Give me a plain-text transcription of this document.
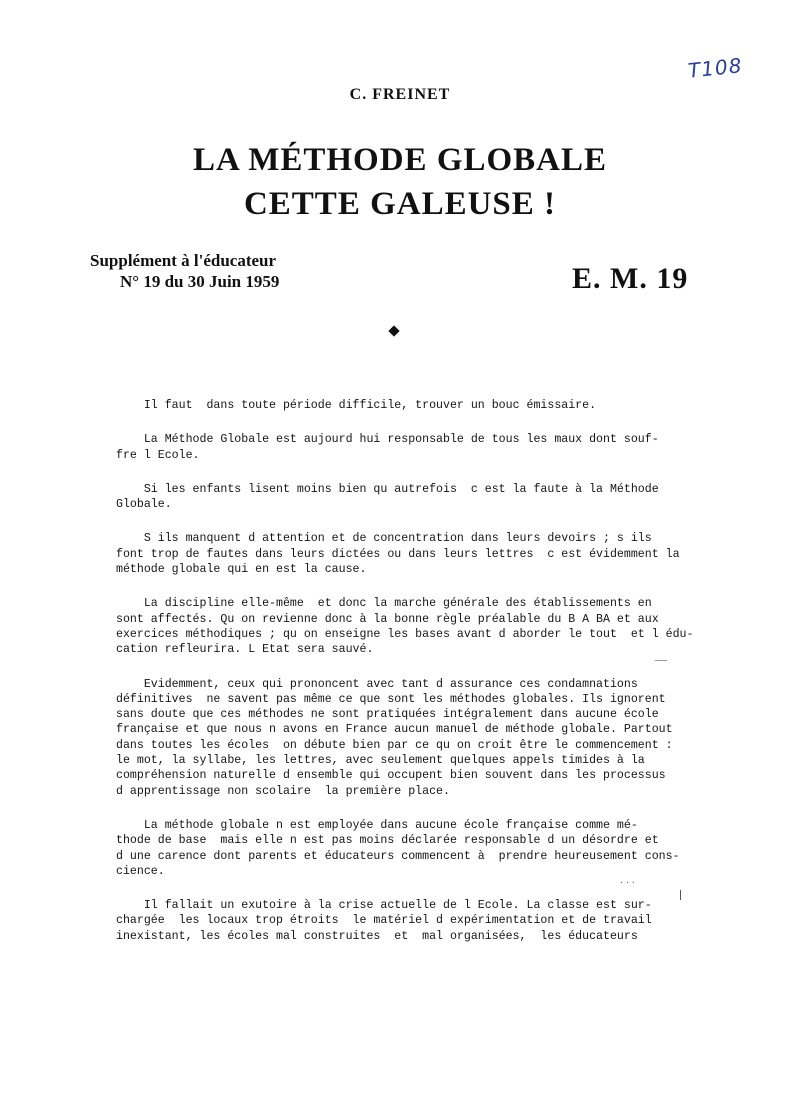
T108
C. FREINET
LA MÉTHODE GLOBALE
CETTE GALEUSE !
Supplément à l'éducateur
N° 19 du 30 Juin 1959	E. M. 19
Il faut  dans toute période difficile, trouver un bouc émissaire.
La Méthode Globale est aujourd hui responsable de tous les maux dont souf-
fre l Ecole.
Si les enfants lisent moins bien qu autrefois  c est la faute à la Méthode
Globale.
S ils manquent d attention et de concentration dans leurs devoirs ; s ils
font trop de fautes dans leurs dictées ou dans leurs lettres  c est évidemment la
méthode globale qui en est la cause.
La discipline elle-même  et donc la marche générale des établissements en
sont affectés. Qu on revienne donc à la bonne règle préalable du B A BA et aux
exercices méthodiques ; qu on enseigne les bases avant d aborder le tout  et l édu-
cation refleurira. L Etat sera sauvé.
Evidemment, ceux qui prononcent avec tant d assurance ces condamnations
définitives  ne savent pas même ce que sont les méthodes globales. Ils ignorent
sans doute que ces méthodes ne sont pratiquées intégralement dans aucune école
française et que nous n avons en France aucun manuel de méthode globale. Partout
dans toutes les écoles  on débute bien par ce qu on croit être le commencement :
le mot, la syllabe, les lettres, avec seulement quelques appels timides à la
compréhension naturelle d ensemble qui occupent bien souvent dans les processus
d apprentissage non scolaire  la première place.
La méthode globale n est employée dans aucune école française comme mé-
thode de base  mais elle n est pas moins déclarée responsable d un désordre et
d une carence dont parents et éducateurs commencent à  prendre heureusement cons-
cience.
Il fallait un exutoire à la crise actuelle de l Ecole. La classe est sur-
chargée  les locaux trop étroits  le matériel d expérimentation et de travail
inexistant, les écoles mal construites  et  mal organisées,  les éducateurs
· · ·
